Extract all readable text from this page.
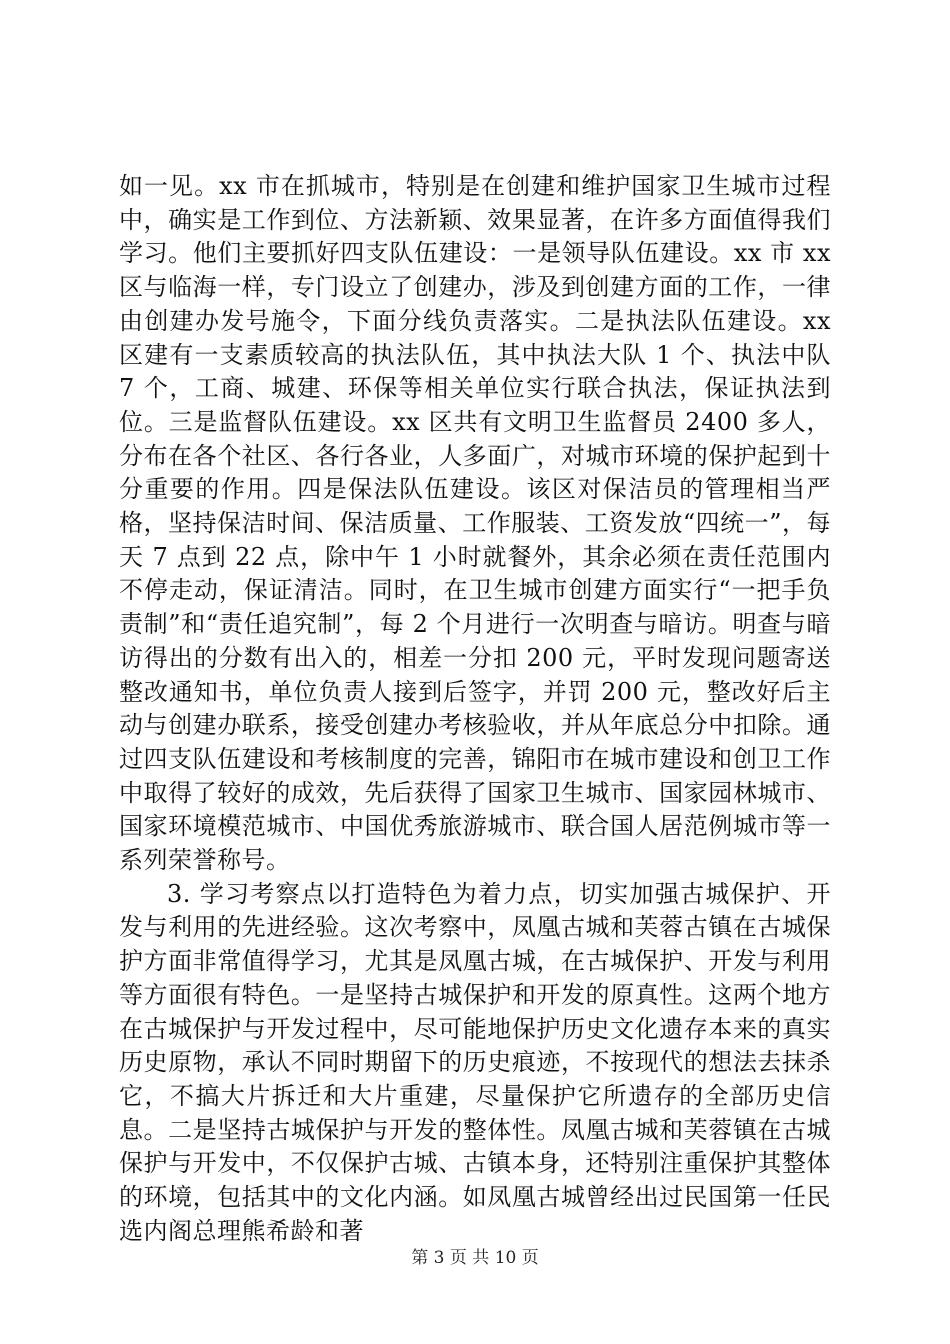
如一见。xx 市在抓城市，特别是在创建和维护国家卫生城市过程中，确实是工作到位、方法新颖、效果显著，在许多方面值得我们学习。他们主要抓好四支队伍建设：一是领导队伍建设。xx 市 xx 区与临海一样，专门设立了创建办，涉及到创建方面的工作，一律由创建办发号施令，下面分线负责落实。二是执法队伍建设。xx 区建有一支素质较高的执法队伍，其中执法大队 1 个、执法中队 7 个，工商、城建、环保等相关单位实行联合执法，保证执法到位。三是监督队伍建设。xx 区共有文明卫生监督员 2400 多人，分布在各个社区、各行各业，人多面广，对城市环境的保护起到十分重要的作用。四是保法队伍建设。该区对保洁员的管理相当严格，坚持保洁时间、保洁质量、工作服装、工资发放“四统一”，每天 7 点到 22 点，除中午 1 小时就餐外，其余必须在责任范围内不停走动，保证清洁。同时，在卫生城市创建方面实行“一把手负责制”和“责任追究制”，每 2 个月进行一次明查与暗访。明查与暗访得出的分数有出入的，相差一分扣 200 元，平时发现问题寄送整改通知书，单位负责人接到后签字，并罚 200 元，整改好后主动与创建办联系，接受创建办考核验收，并从年底总分中扣除。通过四支队伍建设和考核制度的完善，锦阳市在城市建设和创卫工作中取得了较好的成效，先后获得了国家卫生城市、国家园林城市、国家环境模范城市、中国优秀旅游城市、联合国人居范例城市等一系列荣誉称号。

3. 学习考察点以打造特色为着力点，切实加强古城保护、开发与利用的先进经验。这次考察中，凤凰古城和芙蓉古镇在古城保护方面非常值得学习，尤其是凤凰古城，在古城保护、开发与利用等方面很有特色。一是坚持古城保护和开发的原真性。这两个地方在古城保护与开发过程中，尽可能地保护历史文化遗存本来的真实历史原物，承认不同时期留下的历史痕迹，不按现代的想法去抹杀它，不搞大片拆迁和大片重建，尽量保护它所遗存的全部历史信息。二是坚持古城保护与开发的整体性。凤凰古城和芙蓉镇在古城保护与开发中，不仅保护古城、古镇本身，还特别注重保护其整体的环境，包括其中的文化内涵。如凤凰古城曾经出过民国第一任民选内阁总理熊希龄和著

第 3 页 共 10 页
